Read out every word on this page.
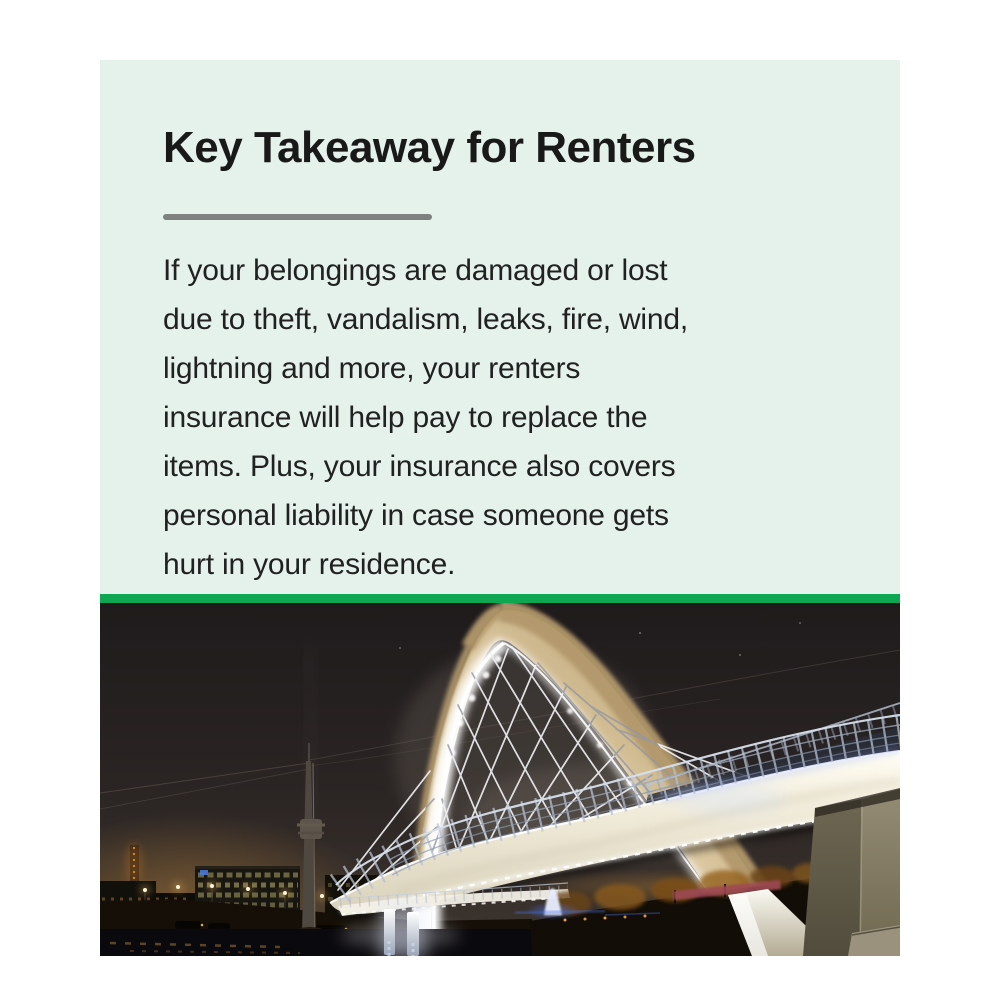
Key Takeaway for Renters
If your belongings are damaged or lost
due to theft, vandalism, leaks, fire, wind,
lightning and more, your renters
insurance will help pay to replace the
items. Plus, your insurance also covers
personal liability in case someone gets
hurt in your residence.
